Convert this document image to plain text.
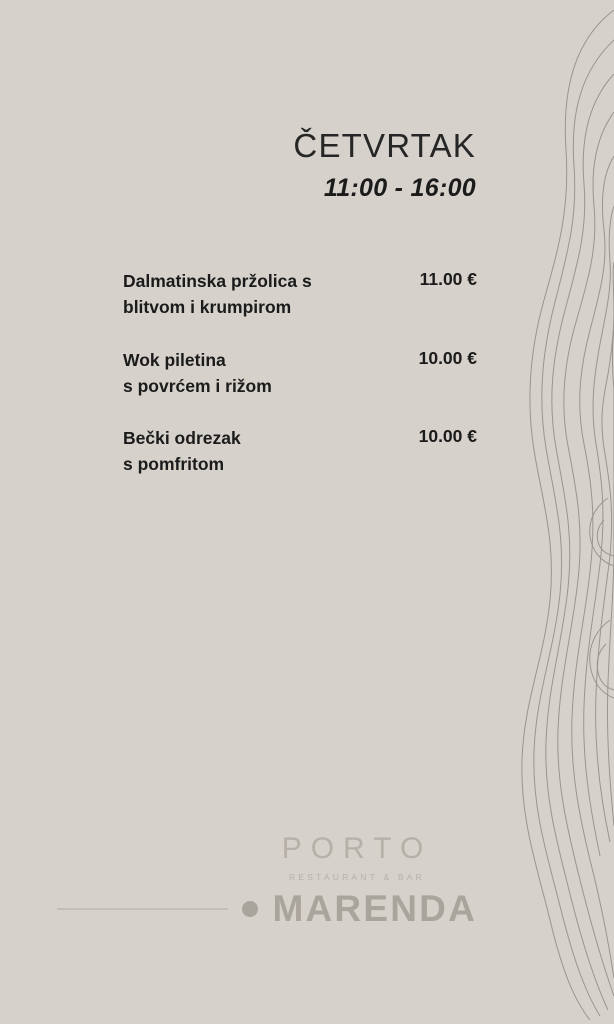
ČETVRTAK
11:00 - 16:00
Dalmatinska pržolica s
blitvom i krumpirom
11.00 €
Wok piletina
s povrćem i rižom
10.00 €
Bečki odrezak
s pomfritom
10.00 €
PORTO
RESTAURANT & BAR
MARENDA
